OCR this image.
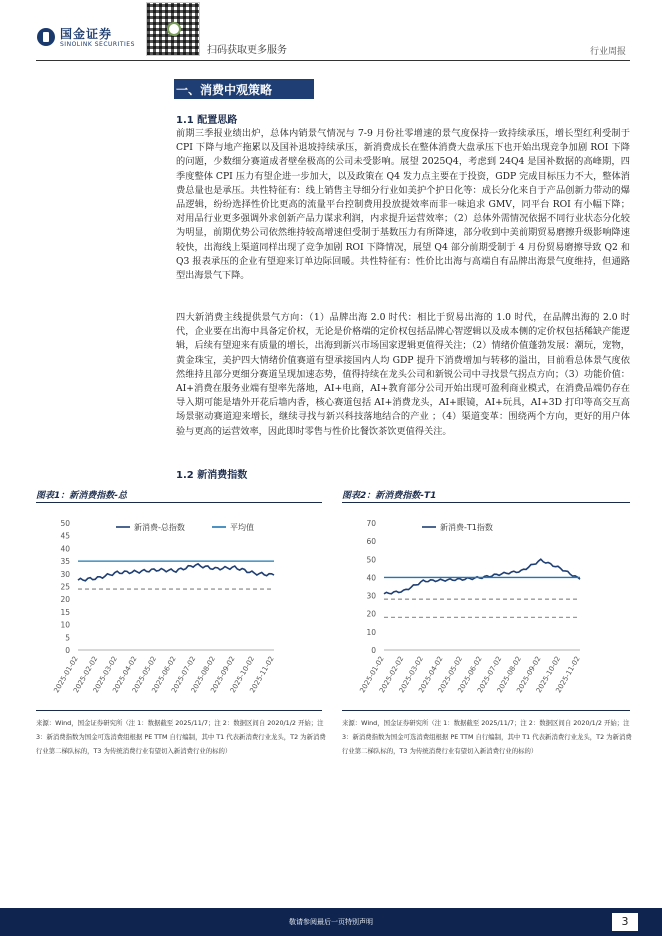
国金证券
SINOLINK SECURITIES
扫码获取更多服务	行业周报
一、消费中观策略
1.1 配置思路

前期三季报业绩出炉，总体内销景气情况与 7-9 月份社零增速的景气度保持一致持续承压，增长型红利受制于 CPI 下降与地产拖累以及国补退坡持续承压，新消费成长在整体消费大盘承压下也开始出现竞争加剧 ROI 下降的问题，少数细分赛道成者壁垒极高的公司未受影响。展望 2025Q4，考虑到 24Q4 是国补数据的高峰期，四季度整体 CPI 压力有望企进一步加大，以及政策在 Q4 发力点主要在于投资，GDP 完成目标压力不大，整体消费总量也是承压。共性特征有：线上销售主导细分行业如美护个护日化等：成长分化来自于产品创新力带动的爆品逻辑，纷纷选择性价比更高的流量平台控制费用投放提效率而非一味追求 GMV，同平台 ROI 有小幅下降；对用品行业更多强调外求创新产品力谋求利润，内求提升运营效率；（2）总体外需情况依据不同行业状态分化较为明显，前期优势公司依然维持较高增速但受制于基数压力有所降速，部分收到中美前期贸易磨擦升级影响降速较快，出海线上渠道同样出现了竞争加剧 ROI 下降情况，展望 Q4 部分前期受制于 4 月份贸易磨擦导致 Q2 和 Q3 报表承压的企业有望迎来订单边际回暖。共性特征有：性价比出海与高端自有品牌出海景气度维持，但通路型出海景气下降。

四大新消费主线提供景气方向：（1）品牌出海 2.0 时代：相比于贸易出海的 1.0 时代，在品牌出海的 2.0 时代，企业要在出海中具备定价权，无论是价格端的定价权包括品牌心智逻辑以及成本侧的定价权包括稀缺产能逻辑，后续有望迎来有质量的增长，出海到新兴市场国家逻辑更值得关注；（2）情绪价值蓬勃发展：潮玩，宠物，黄金珠宝，美护四大情绪价值赛道有望承接国内人均 GDP 提升下消费增加与转移的溢出，目前看总体景气度依然维持且部分更细分赛道呈现加速态势，值得持续在龙头公司和新锐公司中寻找景气拐点方向；（3）功能价值：AI+消费在服务业端有望率先落地，AI+电商，AI+教育部分公司开始出现可盈利商业模式，在消费品端仍存在导入期可能是墙外开花后墙内香，核心赛道包括 AI+消费龙头，AI+眼镜，AI+玩具，AI+3D 打印等高交互高场景驱动赛道迎来增长，继续寻找与新兴科技落地结合的产业 ；（4）渠道变革：围绕两个方向，更好的用户体验与更高的运营效率，因此即时零售与性价比餐饮茶饮更值得关注。

1.2 新消费指数
图表1：新消费指数-总
0
5
10
15
20
25
30
35
40
45
50
2025-01-02
2025-02-02
2025-03-02
2025-04-02
2025-05-02
2025-06-02
2025-07-02
2025-08-02
2025-09-02
2025-10-02
2025-11-02
新消费-总指数	平均值
来源：Wind，国金证券研究所（注 1：数据截至 2025/11/7；注 2：数据区间自 2020/1/2 开始；注 3：新消费指数为国金可选消费组根据 PE TTM 自行编制，其中 T1 代表新消费行业龙头，T2 为新消费行业第二梯队标的，T3 为传统消费行业有望切入新消费行业的标的）
图表2：新消费指数-T1
0
10
20
30
40
50
60
70
2025-01-02
2025-02-02
2025-03-02
2025-04-02
2025-05-02
2025-06-02
2025-07-02
2025-08-02
2025-09-02
2025-10-02
2025-11-02
新消费-T1指数
来源：Wind，国金证券研究所（注 1：数据截至 2025/11/7；注 2：数据区间自 2020/1/2 开始；注 3：新消费指数为国金可选消费组根据 PE TTM 自行编制，其中 T1 代表新消费行业龙头，T2 为新消费行业第二梯队标的，T3 为传统消费行业有望切入新消费行业的标的）
敬请参阅最后一页特别声明	3
